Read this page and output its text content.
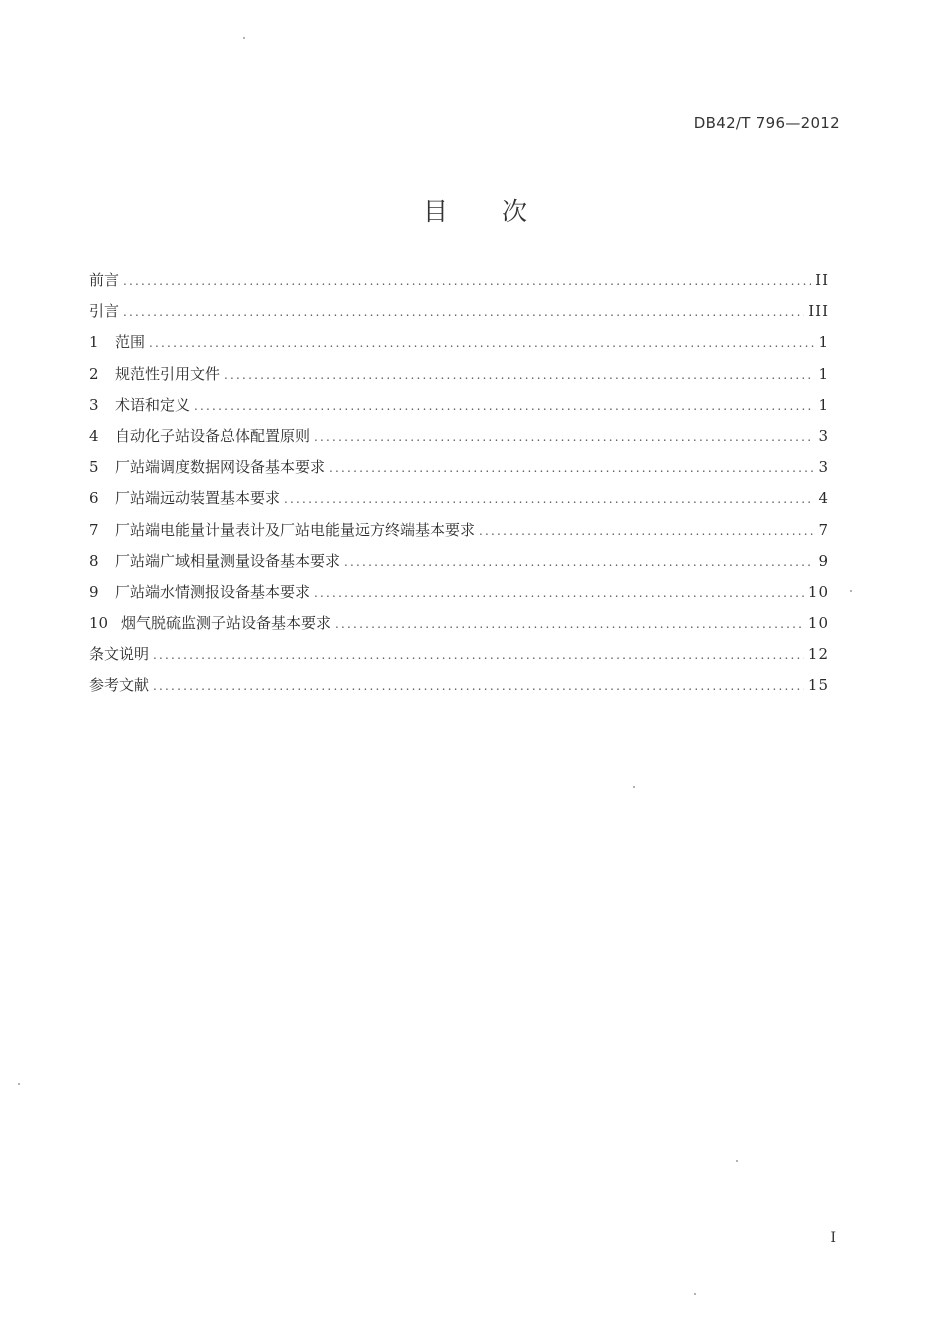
DB42/T 796—2012
目次
前言 .....	II
引言 .....	III
1	范围 .....	1
2	规范性引用文件 .....	1
3	术语和定义 .....	1
4	自动化子站设备总体配置原则 .....	3
5	厂站端调度数据网设备基本要求 .....	3
6	厂站端远动装置基本要求 .....	4
7	厂站端电能量计量表计及厂站电能量远方终端基本要求 .....	7
8	厂站端广域相量测量设备基本要求 .....	9
9	厂站端水情测报设备基本要求 .....	10
10 烟气脱硫监测子站设备基本要求 .....	10
条文说明 .....	12
参考文献 .....	15
I
